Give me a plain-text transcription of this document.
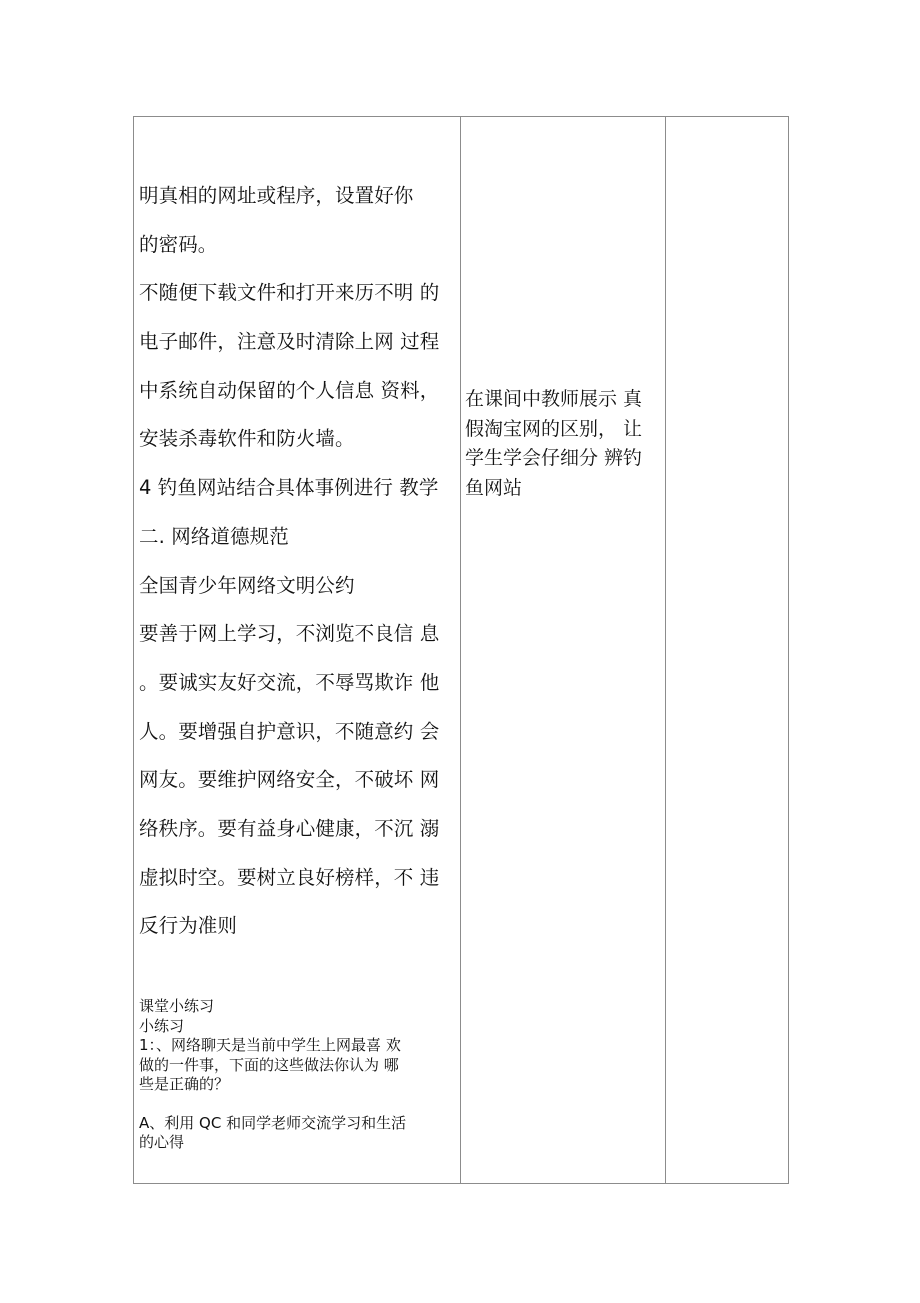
明真相的网址或程序，设置好你
的密码。
不随便下载文件和打开来历不明 的
电子邮件，注意及时清除上网 过程
中系统自动保留的个人信息 资料，
安装杀毒软件和防火墙。
4 钓鱼网站结合具体事例进行 教学
二. 网络道德规范
全国青少年网络文明公约
要善于网上学习，不浏览不良信 息
。要诚实友好交流，不辱骂欺诈 他
人。要增强自护意识，不随意约 会
网友。要维护网络安全，不破坏 网
络秩序。要有益身心健康，不沉 溺
虚拟时空。要树立良好榜样，不 违
反行为准则
课堂小练习
小练习
1：、网络聊天是当前中学生上网最喜 欢
做的一件事，下面的这些做法你认为 哪
些是正确的？
A、利用 QC 和同学老师交流学习和生活
的心得
在课间中教师展示 真
假淘宝网的区别， 让
学生学会仔细分 辨钓
鱼网站
